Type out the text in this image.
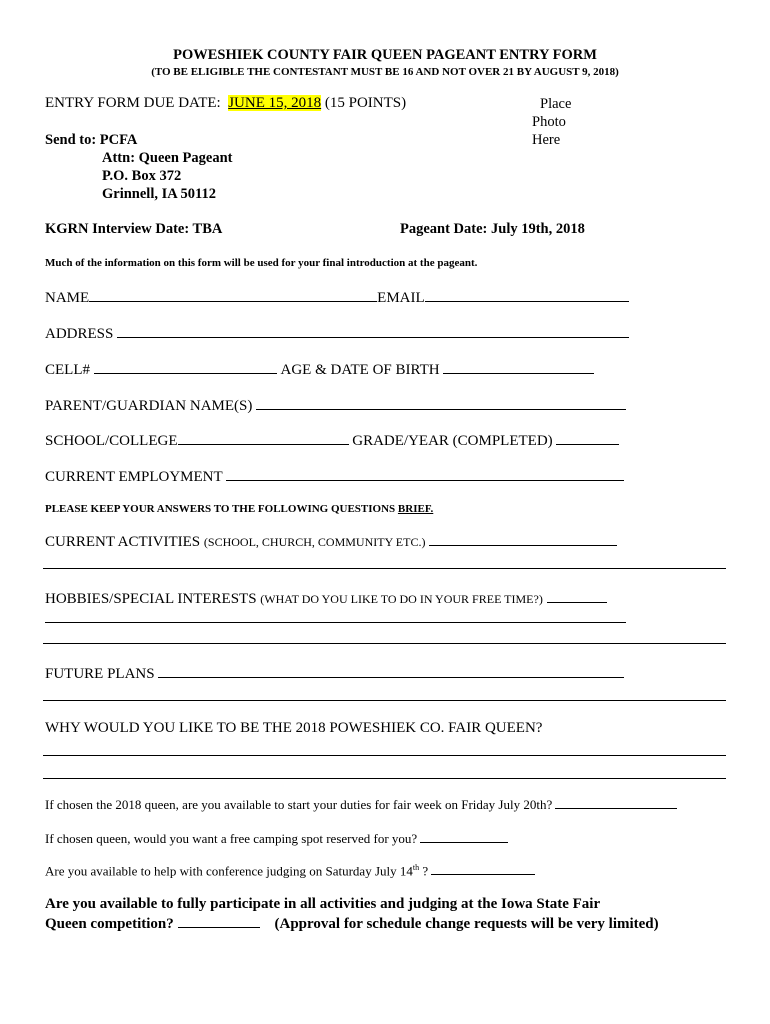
POWESHIEK COUNTY FAIR QUEEN PAGEANT ENTRY FORM
(TO BE ELIGIBLE THE CONTESTANT MUST BE 16 AND NOT OVER 21 BY AUGUST 9, 2018)
ENTRY FORM DUE DATE: JUNE 15, 2018 (15 POINTS)	Place
Photo
Here
Send to: PCFA
Attn: Queen Pageant
P.O. Box 372
Grinnell, IA 50112
KGRN Interview Date: TBA	Pageant Date: July 19th, 2018
Much of the information on this form will be used for your final introduction at the pageant.
NAME	EMAIL
ADDRESS
CELL#	AGE & DATE OF BIRTH
PARENT/GUARDIAN NAME(S)
SCHOOL/COLLEGE	GRADE/YEAR (COMPLETED)
CURRENT EMPLOYMENT
PLEASE KEEP YOUR ANSWERS TO THE FOLLOWING QUESTIONS BRIEF.
CURRENT ACTIVITIES (SCHOOL, CHURCH, COMMUNITY ETC.)
HOBBIES/SPECIAL INTERESTS (WHAT DO YOU LIKE TO DO IN YOUR FREE TIME?)
FUTURE PLANS
WHY WOULD YOU LIKE TO BE THE 2018 POWESHIEK CO. FAIR QUEEN?
If chosen the 2018 queen, are you available to start your duties for fair week on Friday July 20th?
If chosen queen, would you want a free camping spot reserved for you?
Are you available to help with conference judging on Saturday July 14th ?
Are you available to fully participate in all activities and judging at the Iowa State Fair
Queen competition?	(Approval for schedule change requests will be very limited)
